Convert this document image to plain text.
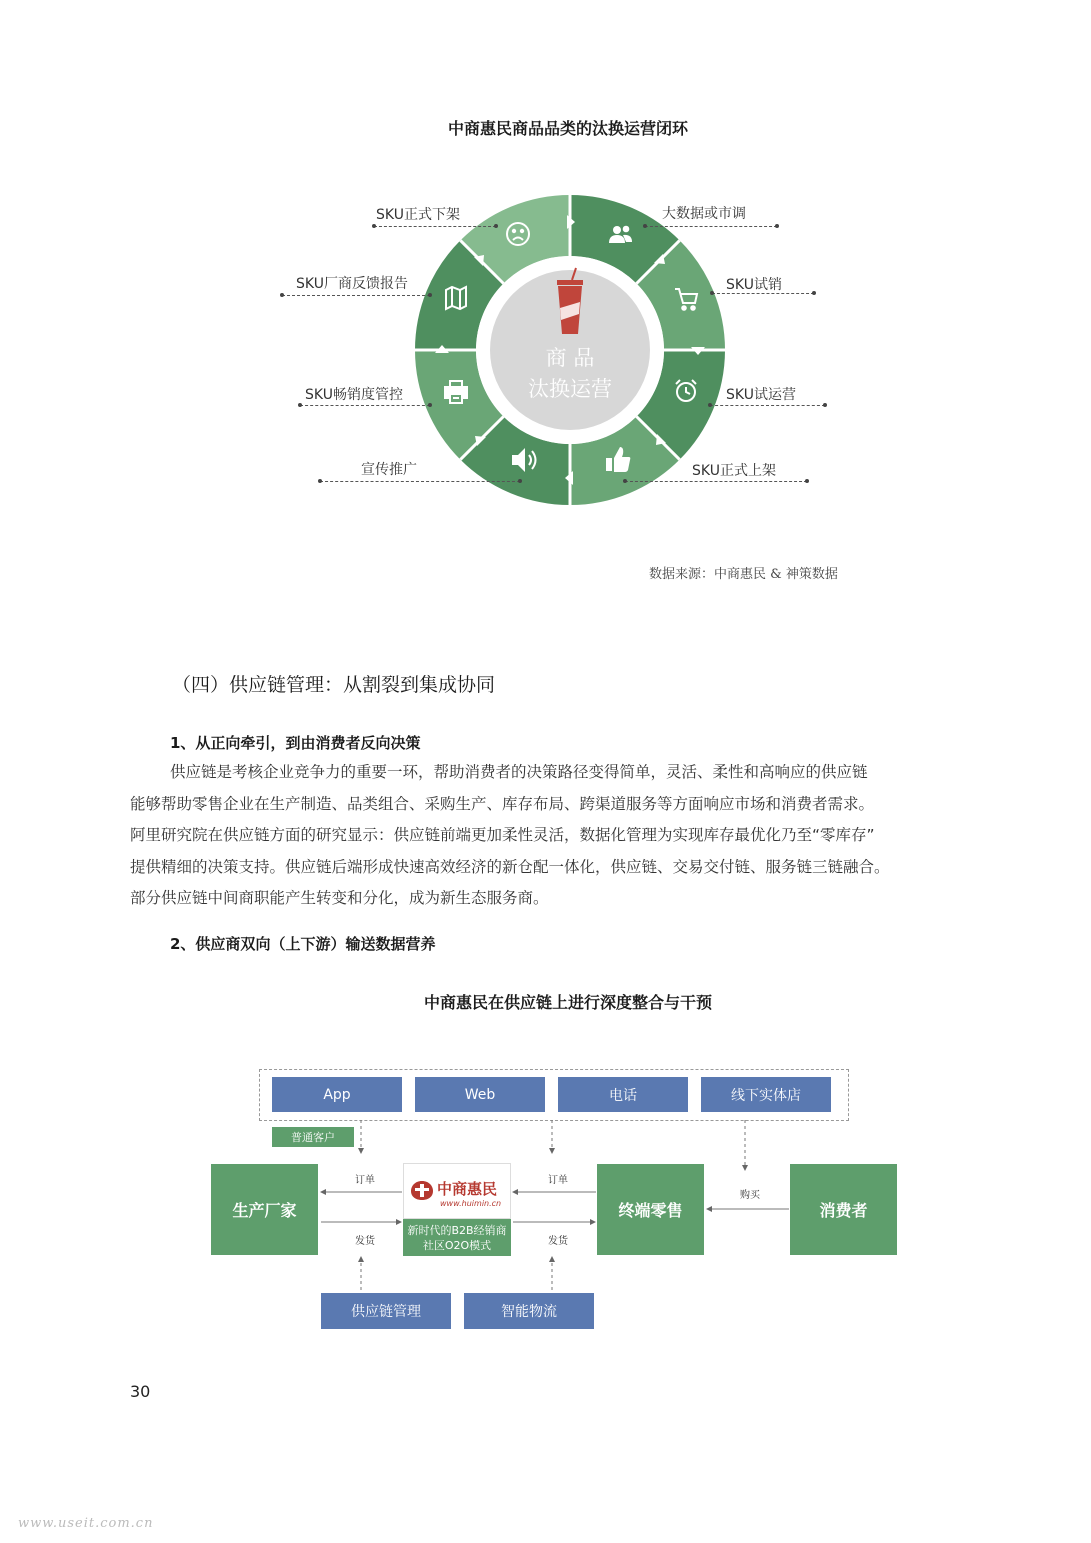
中商惠民商品品类的汰换运营闭环
商 品
汰换运营
SKU正式下架
SKU厂商反馈报告
SKU畅销度管控
宣传推广
大数据或市调
SKU试销
SKU试运营
SKU正式上架
数据来源：中商惠民 & 神策数据
（四）供应链管理：从割裂到集成协同
1、从正向牵引，到由消费者反向决策

供应链是考核企业竞争力的重要一环，帮助消费者的决策路径变得简单，灵活、柔性和高响应的供应链

能够帮助零售企业在生产制造、品类组合、采购生产、库存布局、跨渠道服务等方面响应市场和消费者需求。

阿里研究院在供应链方面的研究显示：供应链前端更加柔性灵活，数据化管理为实现库存最优化乃至“零库存”

提供精细的决策支持。供应链后端形成快速高效经济的新仓配一体化，供应链、交易交付链、服务链三链融合。

部分供应链中间商职能产生转变和分化，成为新生态服务商。

2、供应商双向（上下游）输送数据营养
中商惠民在供应链上进行深度整合与干预
App	Web	电话	线下实体店
普通客户
生产厂家	终端零售	消费者
中商惠民
www.huimin.cn
新时代的B2B经销商
社区O2O模式
订单
发货
订单
发货
购买
供应链管理	智能物流
30
www.useit.com.cn
